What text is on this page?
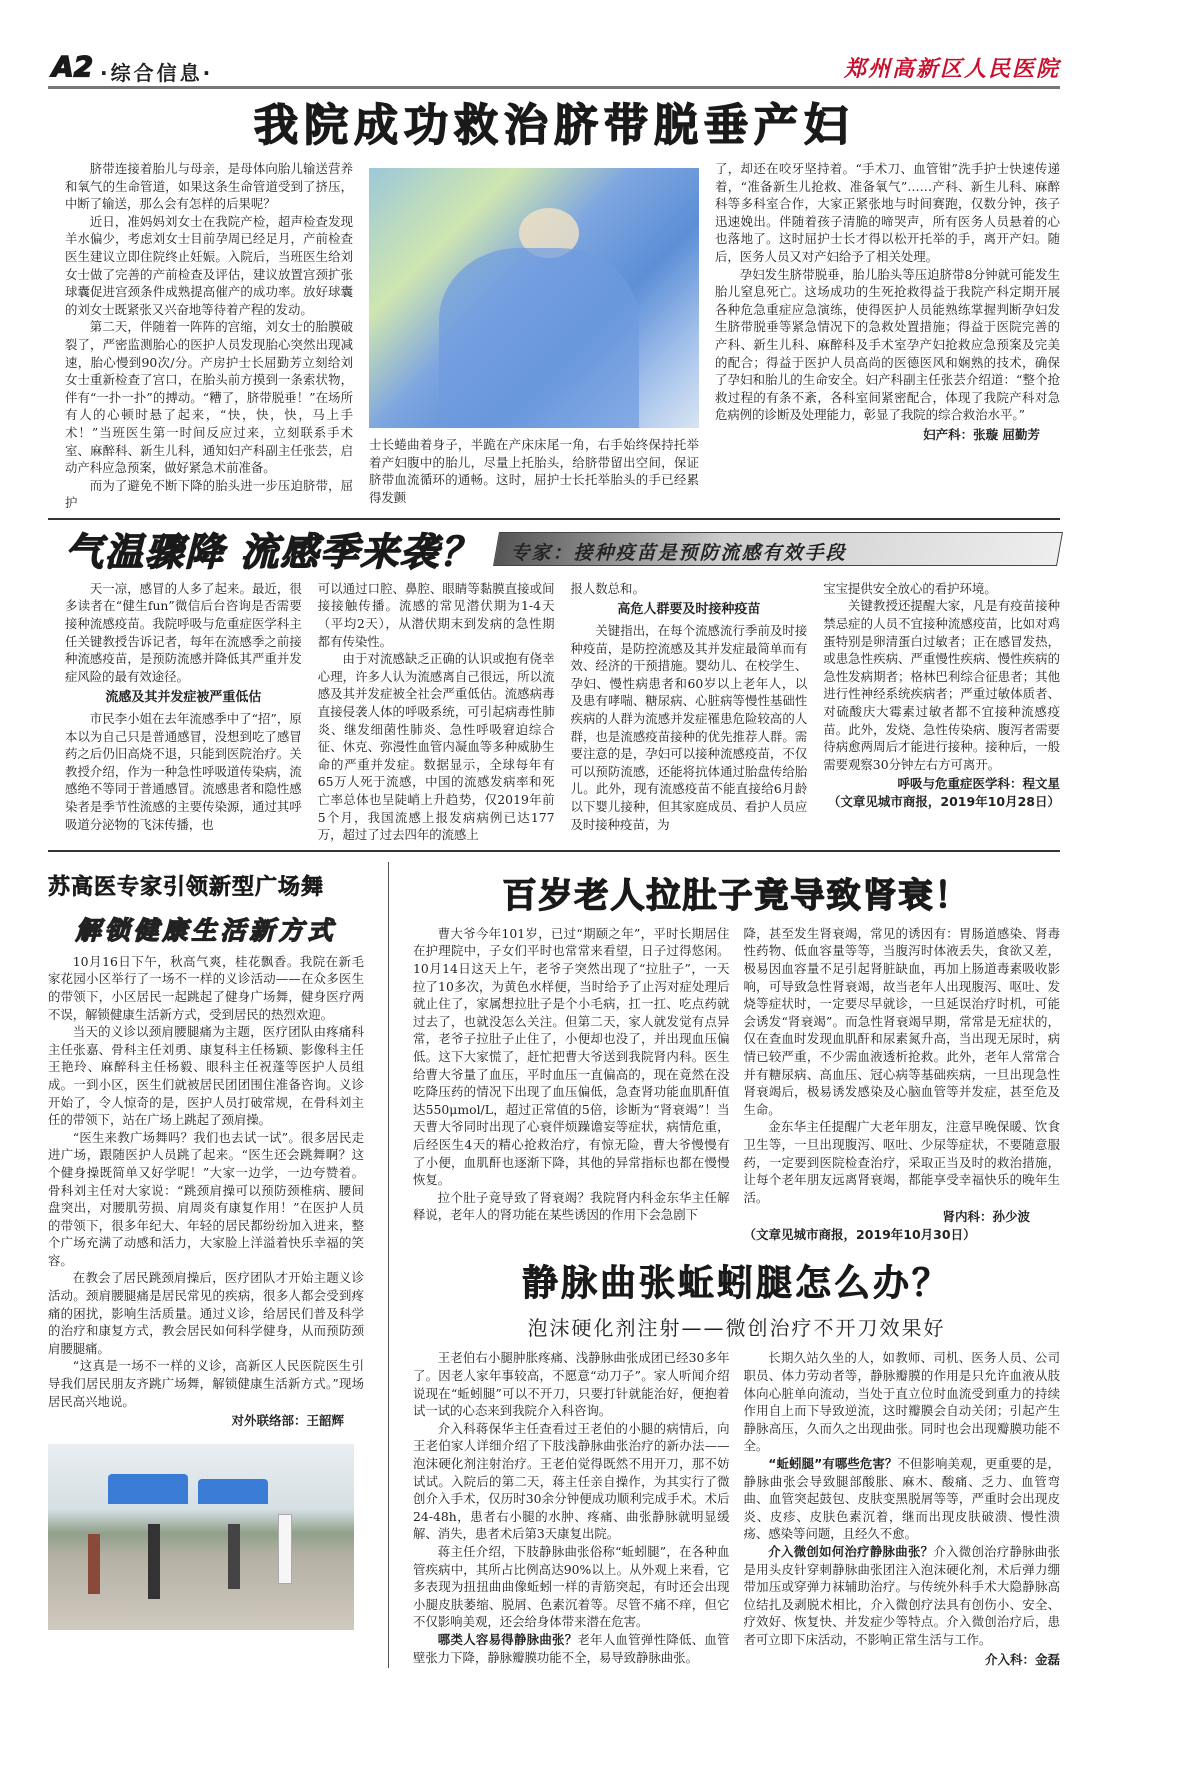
A2 ·综合信息·	郑州高新区人民医院
我院成功救治脐带脱垂产妇

脐带连接着胎儿与母亲，是母体向胎儿输送营养和氧气的生命管道，如果这条生命管道受到了挤压，中断了输送，那么会有怎样的后果呢？

近日，准妈妈刘女士在我院产检，超声检查发现羊水偏少，考虑刘女士目前孕周已经足月，产前检查医生建议立即住院终止妊娠。入院后，当班医生给刘女士做了完善的产前检查及评估，建议放置宫颈扩张球囊促进宫颈条件成熟提高催产的成功率。放好球囊的刘女士既紧张又兴奋地等待着产程的发动。

第二天，伴随着一阵阵的宫缩，刘女士的胎膜破裂了，严密监测胎心的医护人员发现胎心突然出现减速，胎心慢到90次/分。产房护士长屈勤芳立刻给刘女士重新检查了宫口，在胎头前方摸到一条索状物，伴有“一扑一扑”的搏动。“糟了，脐带脱垂！”在场所有人的心顿时悬了起来，“快，快，快，马上手术！”当班医生第一时间反应过来，立刻联系手术室、麻醉科、新生儿科，通知妇产科副主任张芸，启动产科应急预案，做好紧急术前准备。

而为了避免不断下降的胎头进一步压迫脐带，屈护

士长蜷曲着身子，半跪在产床床尾一角，右手始终保持托举着产妇腹中的胎儿，尽量上托胎头，给脐带留出空间，保证脐带血流循环的通畅。这时，屈护士长托举胎头的手已经累得发颤

了，却还在咬牙坚持着。“手术刀、血管钳”洗手护士快速传递着，“准备新生儿抢救、准备氧气”……产科、新生儿科、麻醉科等多科室合作，大家正紧张地与时间赛跑，仅数分钟，孩子迅速娩出。伴随着孩子清脆的啼哭声，所有医务人员悬着的心也落地了。这时屈护士长才得以松开托举的手，离开产妇。随后，医务人员又对产妇给予了相关处理。

孕妇发生脐带脱垂，胎儿胎头等压迫脐带8分钟就可能发生胎儿窒息死亡。这场成功的生死抢救得益于我院产科定期开展各种危急重症应急演练，使得医护人员能熟练掌握判断孕妇发生脐带脱垂等紧急情况下的急救处置措施；得益于医院完善的产科、新生儿科、麻醉科及手术室孕产妇抢救应急预案及完美的配合；得益于医护人员高尚的医德医风和娴熟的技术，确保了孕妇和胎儿的生命安全。妇产科副主任张芸介绍道：“整个抢救过程的有条不紊，各科室间紧密配合，体现了我院产科对急危病例的诊断及处理能力，彰显了我院的综合救治水平。”

妇产科：张璇 屈勤芳

气温骤降 流感季来袭？	专家：接种疫苗是预防流感有效手段

天一凉，感冒的人多了起来。最近，很多读者在“健生fun”微信后台咨询是否需要接种流感疫苗。我院呼吸与危重症医学科主任关键教授告诉记者，每年在流感季之前接种流感疫苗，是预防流感并降低其严重并发症风险的最有效途径。

流感及其并发症被严重低估

市民李小姐在去年流感季中了“招”，原本以为自己只是普通感冒，没想到吃了感冒药之后仍旧高烧不退，只能到医院治疗。关教授介绍，作为一种急性呼吸道传染病，流感绝不等同于普通感冒。流感患者和隐性感染者是季节性流感的主要传染源，通过其呼吸道分泌物的飞沫传播，也

可以通过口腔、鼻腔、眼睛等黏膜直接或间接接触传播。流感的常见潜伏期为1-4天（平均2天），从潜伏期末到发病的急性期都有传染性。

由于对流感缺乏正确的认识或抱有侥幸心理，许多人认为流感离自己很远，所以流感及其并发症被全社会严重低估。流感病毒直接侵袭人体的呼吸系统，可引起病毒性肺炎、继发细菌性肺炎、急性呼吸窘迫综合征、休克、弥漫性血管内凝血等多种威胁生命的严重并发症。数据显示，全球每年有65万人死于流感，中国的流感发病率和死亡率总体也呈陡峭上升趋势，仅2019年前5个月，我国流感上报发病病例已达177万，超过了过去四年的流感上

报人数总和。

高危人群要及时接种疫苗

关键指出，在每个流感流行季前及时接种疫苗，是防控流感及其并发症最简单而有效、经济的干预措施。婴幼儿、在校学生、孕妇、慢性病患者和60岁以上老年人，以及患有哮喘、糖尿病、心脏病等慢性基础性疾病的人群为流感并发症罹患危险较高的人群，也是流感疫苗接种的优先推荐人群。需要注意的是，孕妇可以接种流感疫苗，不仅可以预防流感，还能将抗体通过胎盘传给胎儿。此外，现有流感疫苗不能直接给6月龄以下婴儿接种，但其家庭成员、看护人员应及时接种疫苗，为

宝宝提供安全放心的看护环境。

关键教授还提醒大家，凡是有疫苗接种禁忌症的人员不宜接种流感疫苗，比如对鸡蛋特别是卵清蛋白过敏者；正在感冒发热，或患急性疾病、严重慢性疾病、慢性疾病的急性发病期者；格林巴利综合征患者；其他进行性神经系统疾病者；严重过敏体质者、对硫酸庆大霉素过敏者都不宜接种流感疫苗。此外，发烧、急性传染病、腹泻者需要待病愈两周后才能进行接种。接种后，一般需要观察30分钟左右方可离开。

呼吸与危重症医学科：程文星

（文章见城市商报，2019年10月28日）

苏高医专家引领新型广场舞
解锁健康生活新方式

10月16日下午，秋高气爽，桂花飘香。我院在新毛家花园小区举行了一场不一样的义诊活动——在众多医生的带领下，小区居民一起跳起了健身广场舞，健身医疗两不误，解锁健康生活新方式，受到居民的热烈欢迎。

当天的义诊以颈肩腰腿痛为主题，医疗团队由疼痛科主任张嘉、骨科主任刘勇、康复科主任杨颖、影像科主任王艳玲、麻醉科主任杨毅、眼科主任祝蓬等医护人员组成。一到小区，医生们就被居民团团围住准备咨询。义诊开始了，令人惊奇的是，医护人员打破常规，在骨科刘主任的带领下，站在广场上跳起了颈肩操。

“医生来教广场舞吗？我们也去试一试”。很多居民走进广场，跟随医护人员跳了起来。“医生还会跳舞啊？这个健身操既简单又好学呢！”大家一边学，一边夸赞着。骨科刘主任对大家说：“跳颈肩操可以预防颈椎病、腰间盘突出，对腰肌劳损、肩周炎有康复作用！”在医护人员的带领下，很多年纪大、年轻的居民都纷纷加入进来，整个广场充满了动感和活力，大家脸上洋溢着快乐幸福的笑容。

在教会了居民跳颈肩操后，医疗团队才开始主题义诊活动。颈肩腰腿痛是居民常见的疾病，很多人都会受到疼痛的困扰，影响生活质量。通过义诊，给居民们普及科学的治疗和康复方式，教会居民如何科学健身，从而预防颈肩腰腿痛。

“这真是一场不一样的义诊，高新区人民医院医生引导我们居民朋友齐跳广场舞，解锁健康生活新方式。”现场居民高兴地说。

对外联络部：王韶辉

百岁老人拉肚子竟导致肾衰！

曹大爷今年101岁，已过“期颐之年”，平时长期居住在护理院中，子女们平时也常常来看望，日子过得悠闲。10月14日这天上午，老爷子突然出现了“拉肚子”，一天拉了10多次，为黄色水样便，当时给予了止泻对症处理后就止住了，家属想拉肚子是个小毛病，扛一扛、吃点药就过去了，也就没怎么关注。但第二天，家人就发觉有点异常，老爷子拉肚子止住了，小便却也没了，并出现血压偏低。这下大家慌了，赶忙把曹大爷送到我院肾内科。医生给曹大爷量了血压，平时血压一直偏高的，现在竟然在没吃降压药的情况下出现了血压偏低，急查肾功能血肌酐值达550μmol/L，超过正常值的5倍，诊断为“肾衰竭”！当天曹大爷同时出现了心衰伴烦躁谵妄等症状，病情危重，后经医生4天的精心抢救治疗，有惊无险，曹大爷慢慢有了小便，血肌酐也逐渐下降，其他的异常指标也都在慢慢恢复。

拉个肚子竟导致了肾衰竭？我院肾内科金东华主任解释说，老年人的肾功能在某些诱因的作用下会急剧下

降，甚至发生肾衰竭，常见的诱因有：胃肠道感染、肾毒性药物、低血容量等等，当腹泻时体液丢失，食欲又差，极易因血容量不足引起肾脏缺血，再加上肠道毒素吸收影响，可导致急性肾衰竭，故当老年人出现腹泻、呕吐、发烧等症状时，一定要尽早就诊，一旦延误治疗时机，可能会诱发“肾衰竭”。而急性肾衰竭早期，常常是无症状的，仅在查血时发现血肌酐和尿素氮升高，当出现无尿时，病情已较严重，不少需血液透析抢救。此外，老年人常常合并有糖尿病、高血压、冠心病等基础疾病，一旦出现急性肾衰竭后，极易诱发感染及心脑血管等并发症，甚至危及生命。

金东华主任提醒广大老年朋友，注意早晚保暖、饮食卫生等，一旦出现腹泻、呕吐、少尿等症状，不要随意服药，一定要到医院检查治疗，采取正当及时的救治措施，让每个老年朋友远离肾衰竭，都能享受幸福快乐的晚年生活。

肾内科：孙少波

（文章见城市商报，2019年10月30日）

静脉曲张蚯蚓腿怎么办？
泡沫硬化剂注射——微创治疗不开刀效果好

王老伯右小腿肿胀疼痛、浅静脉曲张成团已经30多年了。因老人家年事较高，不愿意“动刀子”。家人听闻介绍说现在“蚯蚓腿”可以不开刀，只要打针就能治好，便抱着试一试的心态来到我院介入科咨询。

介入科蒋保华主任查看过王老伯的小腿的病情后，向王老伯家人详细介绍了下肢浅静脉曲张治疗的新办法——泡沫硬化剂注射治疗。王老伯觉得既然不用开刀，那不妨试试。入院后的第二天，蒋主任亲自操作，为其实行了微创介入手术，仅历时30余分钟便成功顺利完成手术。术后24-48h，患者右小腿的水肿、疼痛、曲张静脉就明显缓解、消失，患者术后第3天康复出院。

蒋主任介绍，下肢静脉曲张俗称“蚯蚓腿”，在各种血管疾病中，其所占比例高达90%以上。从外观上来看，它多表现为扭扭曲曲像蚯蚓一样的青筋突起，有时还会出现小腿皮肤萎缩、脱屑、色素沉着等。尽管不痛不痒，但它不仅影响美观，还会给身体带来潜在危害。

哪类人容易得静脉曲张？老年人血管弹性降低、血管壁张力下降，静脉瓣膜功能不全，易导致静脉曲张。

长期久站久坐的人，如教师、司机、医务人员、公司职员、体力劳动者等，静脉瓣膜的作用是只允许血液从肢体向心脏单向流动，当处于直立位时血流受到重力的持续作用自上而下导致逆流，这时瓣膜会自动关闭；引起产生静脉高压，久而久之出现曲张。同时也会出现瓣膜功能不全。

“蚯蚓腿”有哪些危害？不但影响美观，更重要的是，静脉曲张会导致腿部酸胀、麻木、酸痛、乏力、血管弯曲、血管突起鼓包、皮肤变黑脱屑等等，严重时会出现皮炎、皮疹、皮肤色素沉着，继而出现皮肤破溃、慢性溃疡、感染等问题，且经久不愈。

介入微创如何治疗静脉曲张？介入微创治疗静脉曲张是用头皮针穿刺静脉曲张团注入泡沫硬化剂，术后弹力绷带加压或穿弹力袜辅助治疗。与传统外科手术大隐静脉高位结扎及剥脱术相比，介入微创疗法具有创伤小、安全、疗效好、恢复快、并发症少等特点。介入微创治疗后，患者可立即下床活动，不影响正常生活与工作。

介入科：金磊
